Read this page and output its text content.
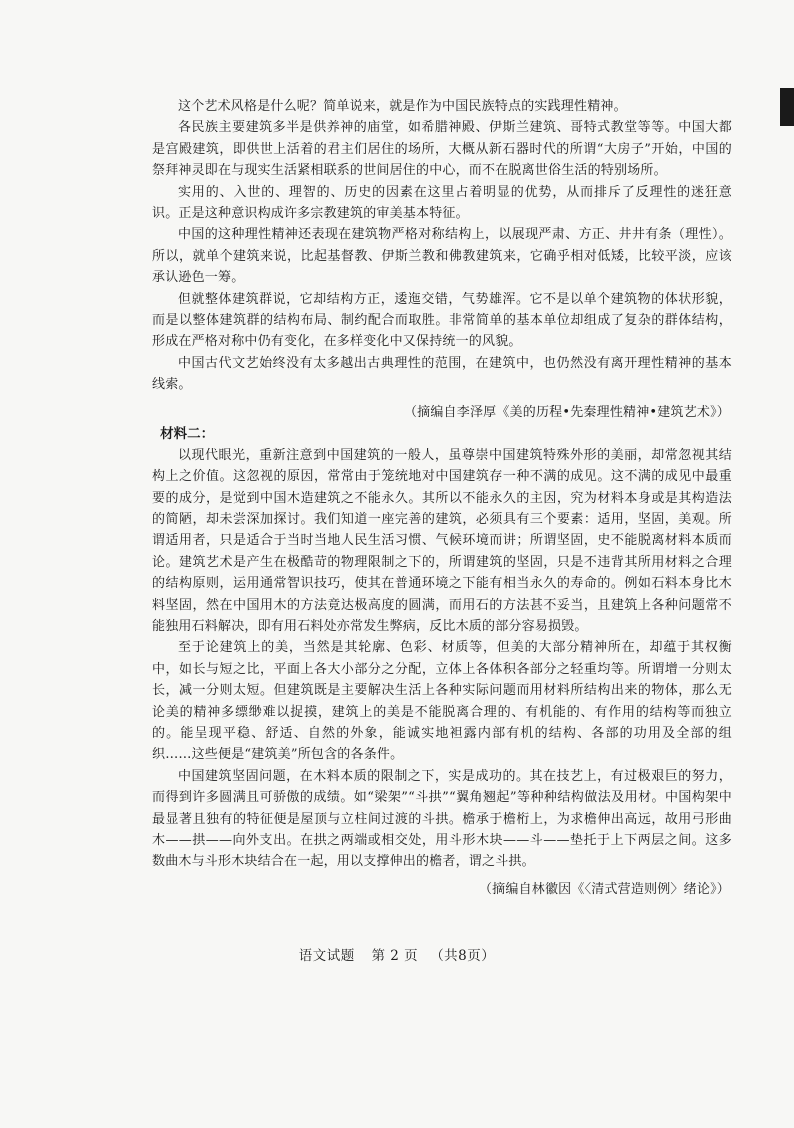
这个艺术风格是什么呢？简单说来，就是作为中国民族特点的实践理性精神。

各民族主要建筑多半是供养神的庙堂，如希腊神殿、伊斯兰建筑、哥特式教堂等等。中国大都是宫殿建筑，即供世上活着的君主们居住的场所，大概从新石器时代的所谓“大房子”开始，中国的祭拜神灵即在与现实生活紧相联系的世间居住的中心，而不在脱离世俗生活的特别场所。

实用的、入世的、理智的、历史的因素在这里占着明显的优势，从而排斥了反理性的迷狂意识。正是这种意识构成许多宗教建筑的审美基本特征。

中国的这种理性精神还表现在建筑物严格对称结构上，以展现严肃、方正、井井有条（理性）。所以，就单个建筑来说，比起基督教、伊斯兰教和佛教建筑来，它确乎相对低矮，比较平淡，应该承认逊色一筹。

但就整体建筑群说，它却结构方正，逶迤交错，气势雄浑。它不是以单个建筑物的体状形貌，而是以整体建筑群的结构布局、制约配合而取胜。非常简单的基本单位却组成了复杂的群体结构，形成在严格对称中仍有变化，在多样变化中又保持统一的风貌。

中国古代文艺始终没有太多越出古典理性的范围，在建筑中，也仍然没有离开理性精神的基本线索。

（摘编自李泽厚《美的历程•先秦理性精神•建筑艺术》）

材料二：

以现代眼光，重新注意到中国建筑的一般人，虽尊崇中国建筑特殊外形的美丽，却常忽视其结构上之价值。这忽视的原因，常常由于笼统地对中国建筑存一种不满的成见。这不满的成见中最重要的成分，是觉到中国木造建筑之不能永久。其所以不能永久的主因，究为材料本身或是其构造法的简陋，却未尝深加探讨。我们知道一座完善的建筑，必须具有三个要素：适用，坚固，美观。所谓适用者，只是适合于当时当地人民生活习惯、气候环境而讲；所谓坚固，史不能脱离材料本质而论。建筑艺术是产生在极酷苛的物理限制之下的，所谓建筑的坚固，只是不违背其所用材料之合理的结构原则，运用通常智识技巧，使其在普通环境之下能有相当永久的寿命的。例如石料本身比木料坚固，然在中国用木的方法竟达极高度的圆满，而用石的方法甚不妥当，且建筑上各种问题常不能独用石料解决，即有用石料处亦常发生弊病，反比木质的部分容易损毁。

至于论建筑上的美，当然是其轮廓、色彩、材质等，但美的大部分精神所在，却蕴于其权衡中，如长与短之比，平面上各大小部分之分配，立体上各体积各部分之轻重均等。所谓增一分则太长，减一分则太短。但建筑既是主要解决生活上各种实际问题而用材料所结构出来的物体，那么无论美的精神多缥缈难以捉摸，建筑上的美是不能脱离合理的、有机能的、有作用的结构等而独立的。能呈现平稳、舒适、自然的外象，能诚实地袒露内部有机的结构、各部的功用及全部的组织……这些便是“建筑美”所包含的各条件。

中国建筑坚固问题，在木料本质的限制之下，实是成功的。其在技艺上，有过极艰巨的努力，而得到许多圆满且可骄傲的成绩。如“梁架”“斗拱”“翼角翘起”等种种结构做法及用材。中国构架中最显著且独有的特征便是屋顶与立柱间过渡的斗拱。檐承于檐桁上，为求檐伸出高远，故用弓形曲木——拱——向外支出。在拱之两端或相交处，用斗形木块——斗——垫托于上下两层之间。这多数曲木与斗形木块结合在一起，用以支撑伸出的檐者，谓之斗拱。

（摘编自林徽因《〈清式营造则例〉绪论》）

语文试题 第 2 页 （共8页）
